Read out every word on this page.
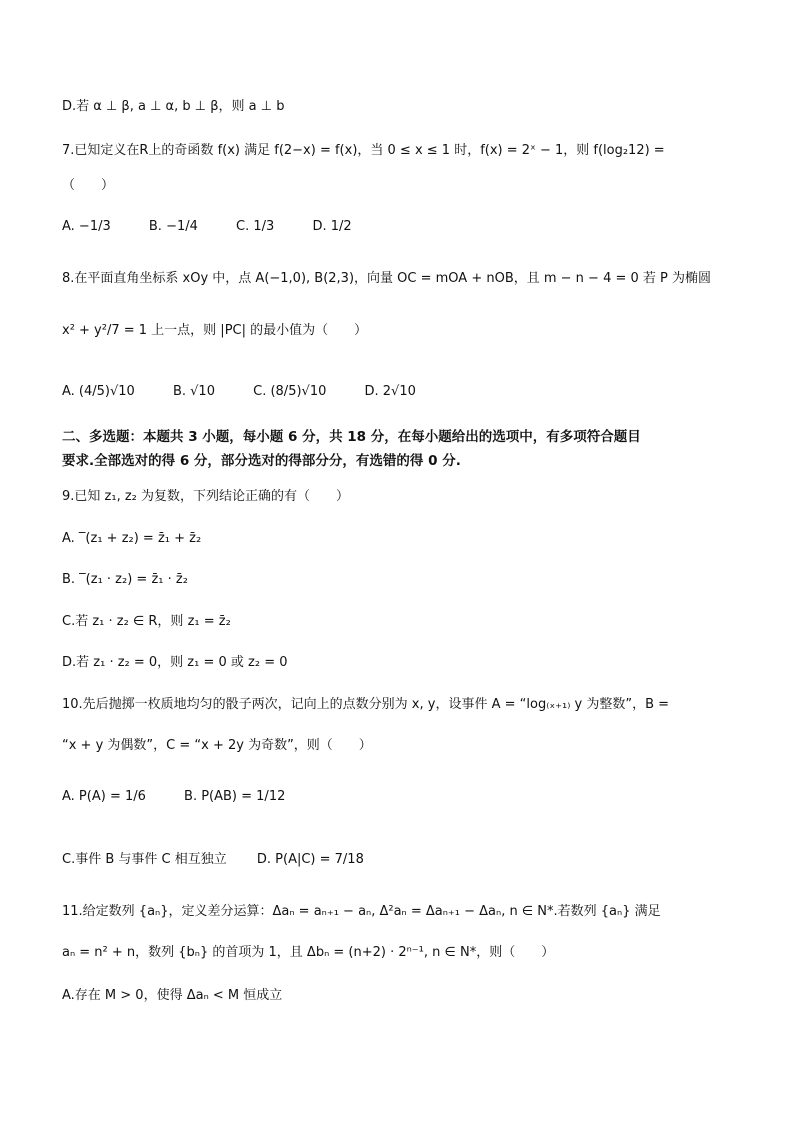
D.若 α ⊥ β, a ⊥ α, b ⊥ β，则 a ⊥ b
7.已知定义在R上的奇函数 f(x) 满足 f(2−x) = f(x)，当 0 ≤ x ≤ 1 时，f(x) = 2ˣ − 1，则 f(log₂12) =
（　　）
A. −1/3	B. −1/4	C. 1/3	D. 1/2
8.在平面直角坐标系 xOy 中，点 A(−1,0), B(2,3)，向量 OC = mOA + nOB，且 m − n − 4 = 0 若 P 为椭圆
x² + y²/7 = 1 上一点，则 |PC| 的最小值为（　　）
A. (4/5)√10	B. √10	C. (8/5)√10	D. 2√10
二、多选题：本题共 3 小题，每小题 6 分，共 18 分，在每小题给出的选项中，有多项符合题目
要求.全部选对的得 6 分，部分选对的得部分分，有选错的得 0 分.
9.已知 z₁, z₂ 为复数，下列结论正确的有（　　）
A. ‾(z₁ + z₂) = z̄₁ + z̄₂
B. ‾(z₁ · z₂) = z̄₁ · z̄₂
C.若 z₁ · z₂ ∈ R，则 z₁ = z̄₂
D.若 z₁ · z₂ = 0，则 z₁ = 0 或 z₂ = 0
10.先后抛掷一枚质地均匀的骰子两次，记向上的点数分别为 x, y，设事件 A = “log₍ₓ₊₁₎ y 为整数”，B =
“x + y 为偶数”，C = “x + 2y 为奇数”，则（　　）
A. P(A) = 1/6	B. P(AB) = 1/12
C.事件 B 与事件 C 相互独立 D. P(A|C) = 7/18
11.给定数列 {aₙ}，定义差分运算：Δaₙ = aₙ₊₁ − aₙ, Δ²aₙ = Δaₙ₊₁ − Δaₙ, n ∈ N*.若数列 {aₙ} 满足
aₙ = n² + n，数列 {bₙ} 的首项为 1，且 Δbₙ = (n+2) · 2ⁿ⁻¹, n ∈ N*，则（　　）
A.存在 M > 0，使得 Δaₙ < M 恒成立
